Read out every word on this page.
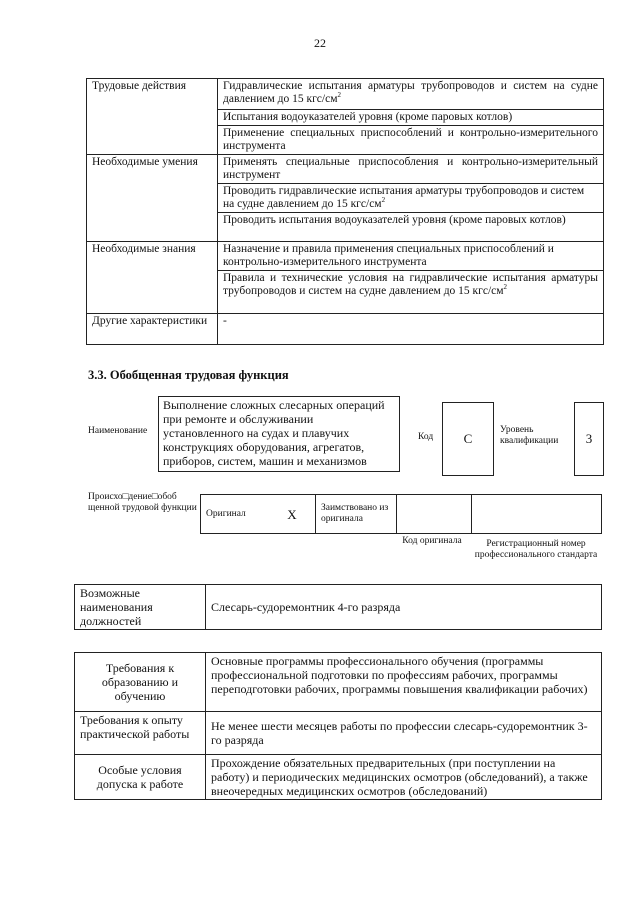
22
Трудовые действия	Гидравлические испытания арматуры трубопроводов и систем на судне давлением до 15 кгс/$см^2$
	Испытания водоуказателей уровня (кроме паровых котлов)
	Применение специальных приспособлений и контрольно-измерительного инструмента
Необходимые умения	Применять специальные приспособления и контрольно-измерительный инструмент
	Проводить гидравлические испытания арматуры трубопроводов и систем на судне давлением до 15 кгс/$см^2$
	Проводить испытания водоуказателей уровня (кроме паровых котлов)
Необходимые знания	Назначение и правила применения специальных приспособлений и контрольно-измерительного инструмента
	Правила и технические условия на гидравлические испытания арматуры трубопроводов и систем на судне давлением до 15 кгс/$см^2$
Другие характеристики	-
3.3. Обобщенная трудовая функция
Наименование
Выполнение сложных слесарных операций при ремонте и обслуживании установленного на судах и плавучих конструкциях оборудования, агрегатов, приборов, систем, машин и механизмов
Код	C
Уровень квалификации	3
Происхо□дение□обоб щенной трудовой функции
Оригинал	X	Заимствовано из оригинала		
Код оригинала	Регистрационный номер профессионального стандарта
Возможные наименования должностей	Слесарь-судоремонтник 4-го разряда
Требования к образованию и обучению	Основные программы профессионального обучения (программы профессиональной подготовки по профессиям рабочих, программы переподготовки рабочих, программы повышения квалификации рабочих)
Требования к опыту практической работы	Не менее шести месяцев работы по профессии слесарь-судоремонтник 3-го разряда
Особые условия допуска к работе	Прохождение обязательных предварительных (при поступлении на работу) и периодических медицинских осмотров (обследований), а также внеочередных медицинских осмотров (обследований)
